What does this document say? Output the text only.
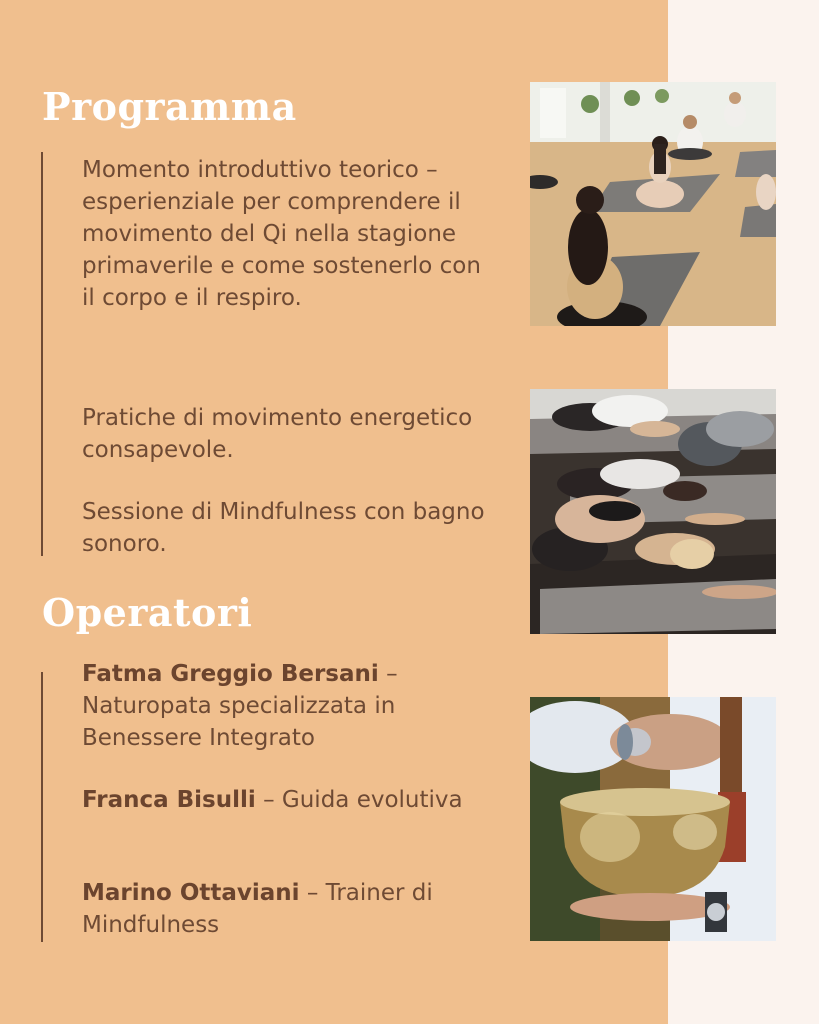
Programma

Momento introduttivo teorico – esperienziale per comprendere il movimento del Qi nella stagione primaverile e come sostenerlo con il corpo e il respiro.

Pratiche di movimento energetico consapevole.

Sessione di Mindfulness con bagno sonoro.

Operatori

Fatma Greggio Bersani – Naturopata specializzata in Benessere Integrato

Franca Bisulli – Guida evolutiva

Marino Ottaviani – Trainer di Mindfulness
